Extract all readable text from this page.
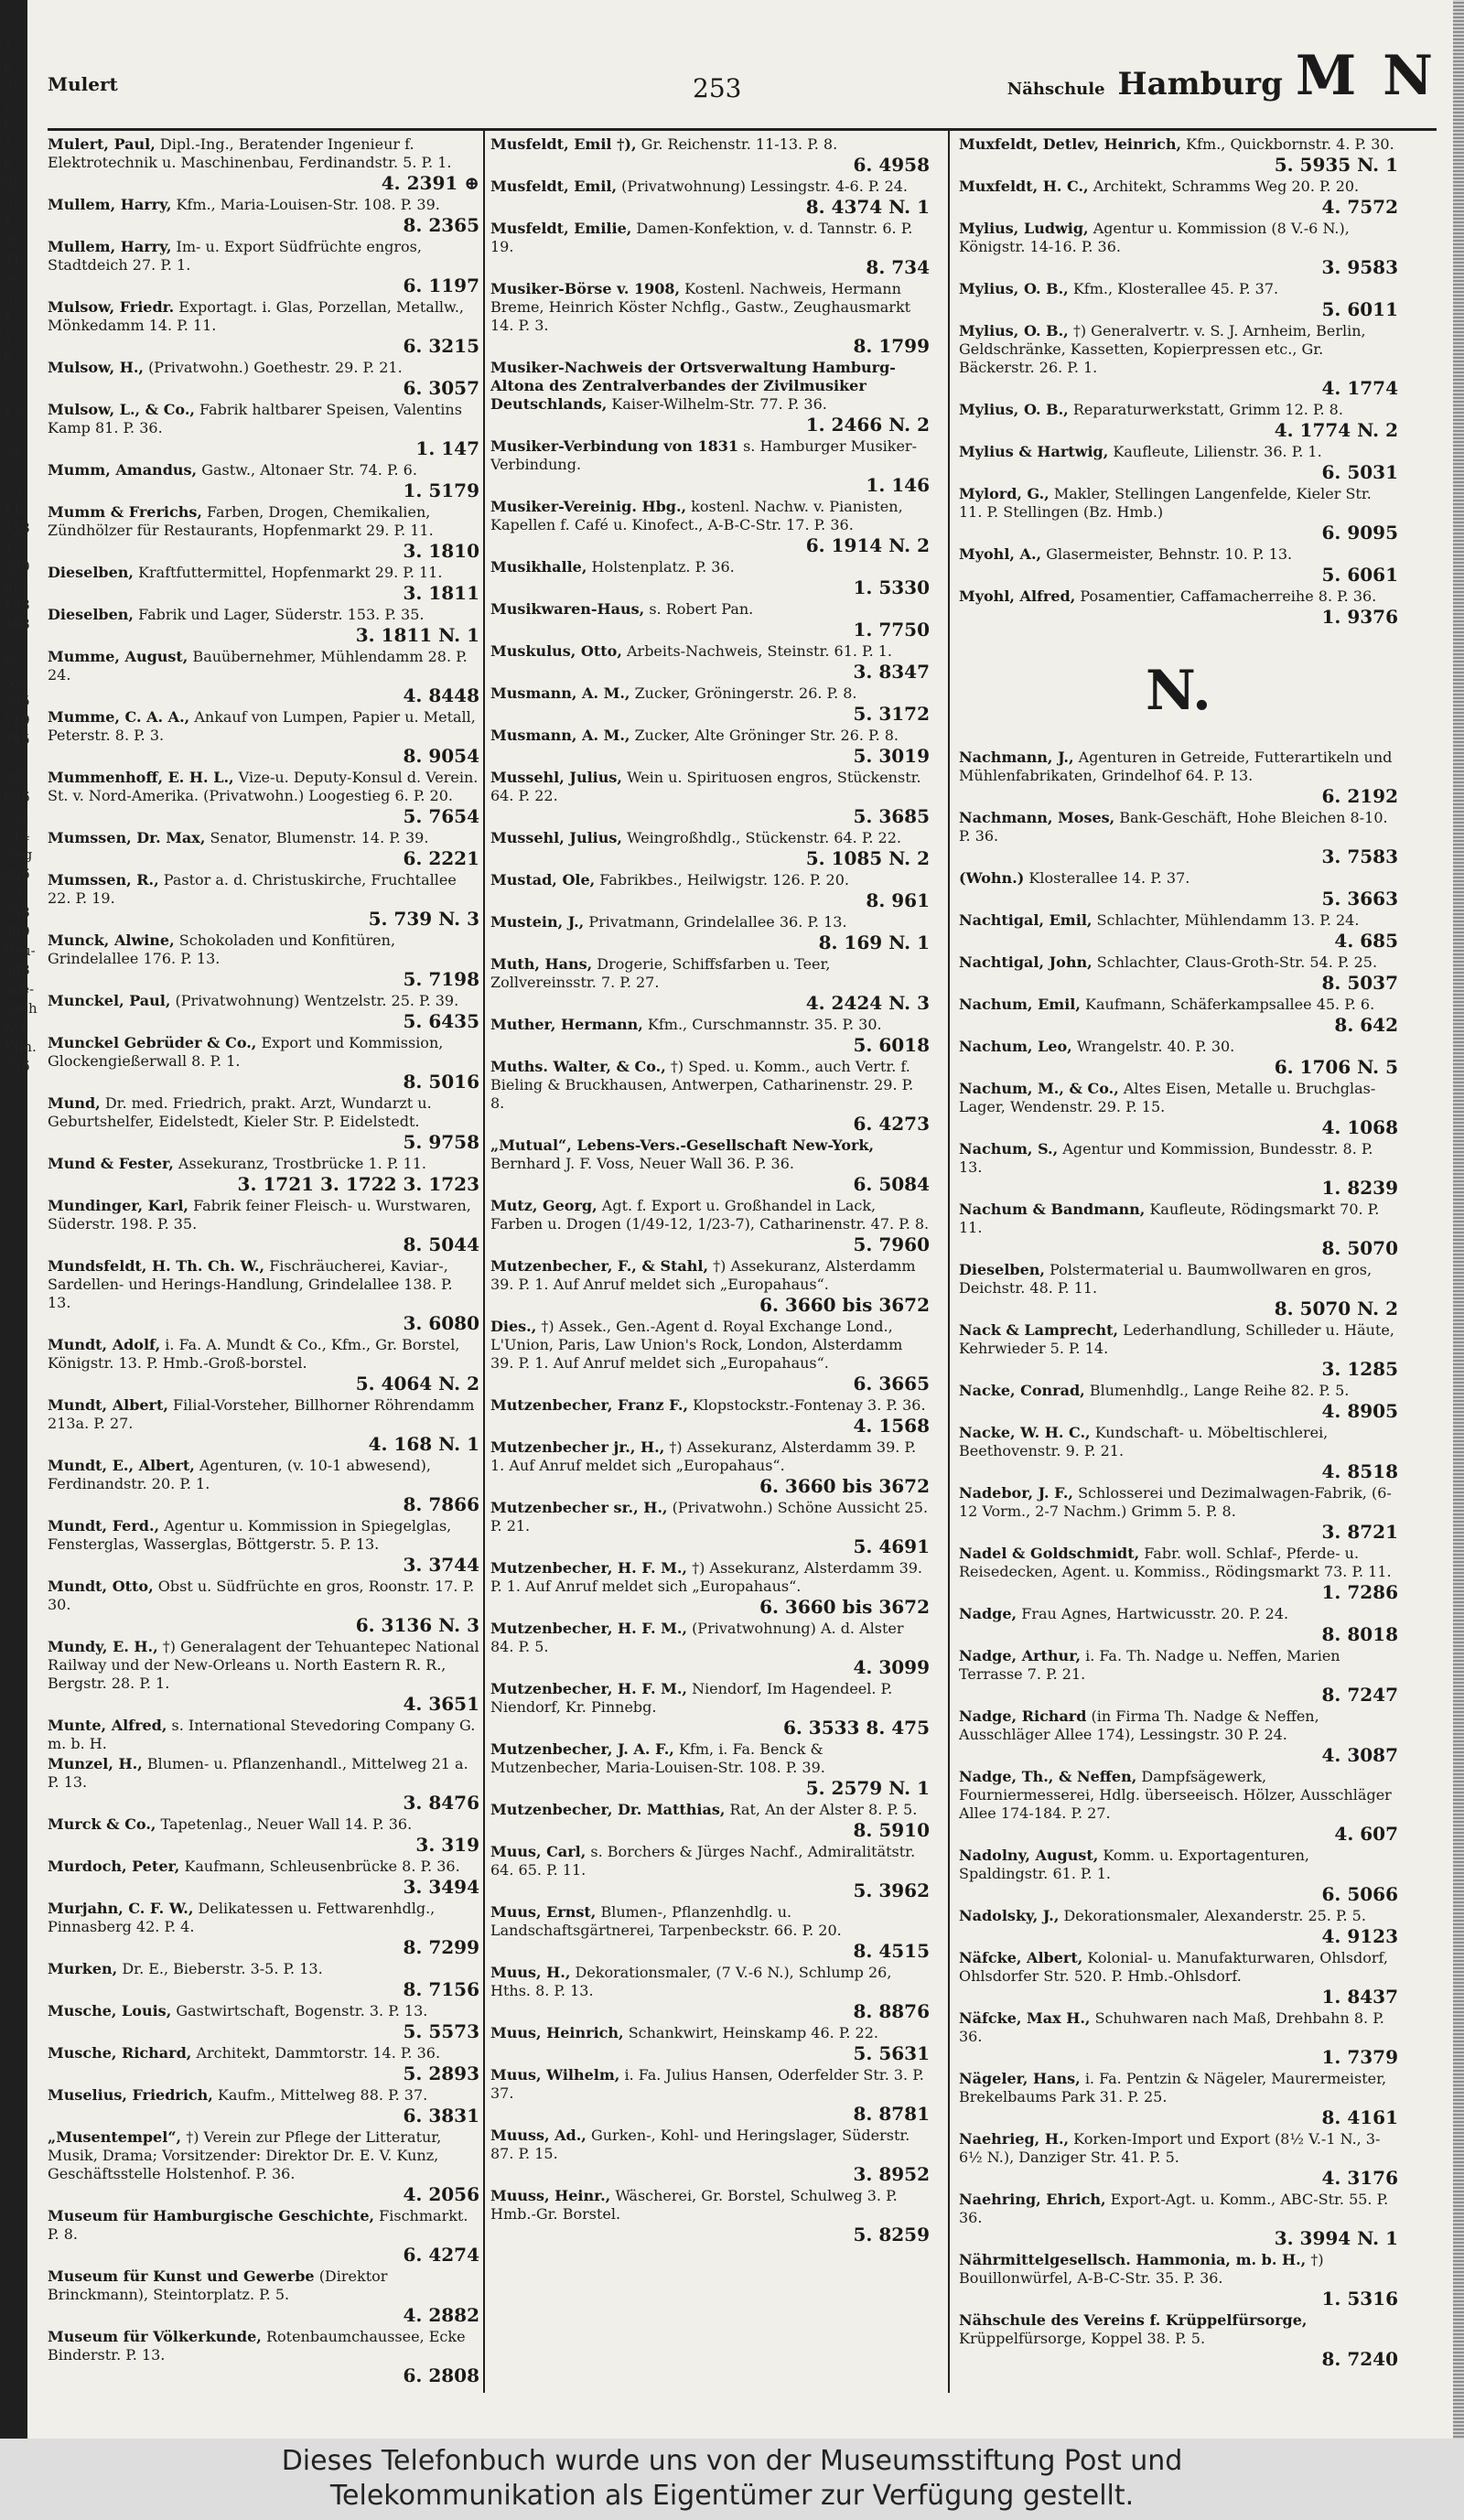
2
7
1
6
-6
1
t
1-
6
07
n
1
en
41
en
n
1
1-
6
2
. 3
1 r
v.
94
s
- 3
11
558
4.
290
hf.,
138
508
-
W.-
N.2
295
119
745
a
39
626
Co.
714
weg
806
! 3
958
089
Bau-
508
See-
nach
N.1
Kfm.
726
Mulert	253	Nähschule Hamburg M N
Mulert, Paul, Dipl.-Ing., Beratender Ingenieur f. Elektrotechnik u. Maschinenbau, Ferdinandstr. 5. P. 1.
4. 2391 ⊕
Mullem, Harry, Kfm., Maria-Louisen-Str. 108. P. 39.
8. 2365
Mullem, Harry, Im- u. Export Südfrüchte engros, Stadtdeich 27. P. 1.
6. 1197
Mulsow, Friedr. Exportagt. i. Glas, Porzellan, Metallw., Mönkedamm 14. P. 11.
6. 3215
Mulsow, H., (Privatwohn.) Goethestr. 29. P. 21.
6. 3057
Mulsow, L., & Co., Fabrik haltbarer Speisen, Valentins Kamp 81. P. 36.
1. 147
Mumm, Amandus, Gastw., Altonaer Str. 74. P. 6.
1. 5179
Mumm & Frerichs, Farben, Drogen, Chemikalien, Zündhölzer für Restaurants, Hopfenmarkt 29. P. 11.
3. 1810
Dieselben, Kraftfuttermittel, Hopfenmarkt 29. P. 11.
3. 1811
Dieselben, Fabrik und Lager, Süderstr. 153. P. 35.
3. 1811 N. 1
Mumme, August, Bauübernehmer, Mühlendamm 28. P. 24.
4. 8448
Mumme, C. A. A., Ankauf von Lumpen, Papier u. Metall, Peterstr. 8. P. 3.
8. 9054
Mummenhoff, E. H. L., Vize-u. Deputy-Konsul d. Verein. St. v. Nord-Amerika. (Privatwohn.) Loogestieg 6. P. 20.
5. 7654
Mumssen, Dr. Max, Senator, Blumenstr. 14. P. 39.
6. 2221
Mumssen, R., Pastor a. d. Christuskirche, Fruchtallee 22. P. 19.
5. 739 N. 3
Munck, Alwine, Schokoladen und Konfitüren, Grindelallee 176. P. 13.
5. 7198
Munckel, Paul, (Privatwohnung) Wentzelstr. 25. P. 39.
5. 6435
Munckel Gebrüder & Co., Export und Kommission, Glockengießerwall 8. P. 1.
8. 5016
Mund, Dr. med. Friedrich, prakt. Arzt, Wundarzt u. Geburtshelfer, Eidelstedt, Kieler Str. P. Eidelstedt.
5. 9758
Mund & Fester, Assekuranz, Trostbrücke 1. P. 11.
3. 1721 3. 1722 3. 1723
Mundinger, Karl, Fabrik feiner Fleisch- u. Wurstwaren, Süderstr. 198. P. 35.
8. 5044
Mundsfeldt, H. Th. Ch. W., Fischräucherei, Kaviar-, Sardellen- und Herings-Handlung, Grindelallee 138. P. 13.
3. 6080
Mundt, Adolf, i. Fa. A. Mundt & Co., Kfm., Gr. Borstel, Königstr. 13. P. Hmb.-Groß-borstel.
5. 4064 N. 2
Mundt, Albert, Filial-Vorsteher, Billhorner Röhrendamm 213a. P. 27.
4. 168 N. 1
Mundt, E., Albert, Agenturen, (v. 10-1 abwesend), Ferdinandstr. 20. P. 1.
8. 7866
Mundt, Ferd., Agentur u. Kommission in Spiegelglas, Fensterglas, Wasserglas, Böttgerstr. 5. P. 13.
3. 3744
Mundt, Otto, Obst u. Südfrüchte en gros, Roonstr. 17. P. 30.
6. 3136 N. 3
Mundy, E. H., †) Generalagent der Tehuantepec National Railway und der New-Orleans u. North Eastern R. R., Bergstr. 28. P. 1.
4. 3651
Munte, Alfred, s. International Stevedoring Company G. m. b. H.
Munzel, H., Blumen- u. Pflanzenhandl., Mittelweg 21 a. P. 13.
3. 8476
Murck & Co., Tapetenlag., Neuer Wall 14. P. 36.
3. 319
Murdoch, Peter, Kaufmann, Schleusenbrücke 8. P. 36.
3. 3494
Murjahn, C. F. W., Delikatessen u. Fettwarenhdlg., Pinnasberg 42. P. 4.
8. 7299
Murken, Dr. E., Bieberstr. 3-5. P. 13.
8. 7156
Musche, Louis, Gastwirtschaft, Bogenstr. 3. P. 13.
5. 5573
Musche, Richard, Architekt, Dammtorstr. 14. P. 36.
5. 2893
Muselius, Friedrich, Kaufm., Mittelweg 88. P. 37.
6. 3831
„Musentempel“, †) Verein zur Pflege der Litteratur, Musik, Drama; Vorsitzender: Direktor Dr. E. V. Kunz, Geschäftsstelle Holstenhof. P. 36.
4. 2056
Museum für Hamburgische Geschichte, Fischmarkt. P. 8.
6. 4274
Museum für Kunst und Gewerbe (Direktor Brinckmann), Steintorplatz. P. 5.
4. 2882
Museum für Völkerkunde, Rotenbaumchaussee, Ecke Binderstr. P. 13.
6. 2808
Musfeldt, Emil †), Gr. Reichenstr. 11-13. P. 8.
6. 4958
Musfeldt, Emil, (Privatwohnung) Lessingstr. 4-6. P. 24.
8. 4374 N. 1
Musfeldt, Emilie, Damen-Konfektion, v. d. Tannstr. 6. P. 19.
8. 734
Musiker-Börse v. 1908, Kostenl. Nachweis, Hermann Breme, Heinrich Köster Nchflg., Gastw., Zeughausmarkt 14. P. 3.
8. 1799
Musiker-Nachweis der Ortsverwaltung Hamburg-Altona des Zentralverbandes der Zivilmusiker Deutschlands, Kaiser-Wilhelm-Str. 77. P. 36.
1. 2466 N. 2
Musiker-Verbindung von 1831 s. Hamburger Musiker-Verbindung.
1. 146
Musiker-Vereinig. Hbg., kostenl. Nachw. v. Pianisten, Kapellen f. Café u. Kinofect., A-B-C-Str. 17. P. 36.
6. 1914 N. 2
Musikhalle, Holstenplatz. P. 36.
1. 5330
Musikwaren-Haus, s. Robert Pan.
1. 7750
Muskulus, Otto, Arbeits-Nachweis, Steinstr. 61. P. 1.
3. 8347
Musmann, A. M., Zucker, Gröningerstr. 26. P. 8.
5. 3172
Musmann, A. M., Zucker, Alte Gröninger Str. 26. P. 8.
5. 3019
Mussehl, Julius, Wein u. Spirituosen engros, Stückenstr. 64. P. 22.
5. 3685
Mussehl, Julius, Weingroßhdlg., Stückenstr. 64. P. 22.
5. 1085 N. 2
Mustad, Ole, Fabrikbes., Heilwigstr. 126. P. 20.
8. 961
Mustein, J., Privatmann, Grindelallee 36. P. 13.
8. 169 N. 1
Muth, Hans, Drogerie, Schiffsfarben u. Teer, Zollvereinsstr. 7. P. 27.
4. 2424 N. 3
Muther, Hermann, Kfm., Curschmannstr. 35. P. 30.
5. 6018
Muths. Walter, & Co., †) Sped. u. Komm., auch Vertr. f. Bieling & Bruckhausen, Antwerpen, Catharinenstr. 29. P. 8.
6. 4273
„Mutual“, Lebens-Vers.-Gesellschaft New-York, Bernhard J. F. Voss, Neuer Wall 36. P. 36.
6. 5084
Mutz, Georg, Agt. f. Export u. Großhandel in Lack, Farben u. Drogen (1/49-12, 1/23-7), Catharinenstr. 47. P. 8.
5. 7960
Mutzenbecher, F., & Stahl, †) Assekuranz, Alsterdamm 39. P. 1. Auf Anruf meldet sich „Europahaus“.
6. 3660 bis 3672
Dies., †) Assek., Gen.-Agent d. Royal Exchange Lond., L'Union, Paris, Law Union's Rock, London, Alsterdamm 39. P. 1. Auf Anruf meldet sich „Europahaus“.
6. 3665
Mutzenbecher, Franz F., Klopstockstr.-Fontenay 3. P. 36.
4. 1568
Mutzenbecher jr., H., †) Assekuranz, Alsterdamm 39. P. 1. Auf Anruf meldet sich „Europahaus“.
6. 3660 bis 3672
Mutzenbecher sr., H., (Privatwohn.) Schöne Aussicht 25. P. 21.
5. 4691
Mutzenbecher, H. F. M., †) Assekuranz, Alsterdamm 39. P. 1. Auf Anruf meldet sich „Europahaus“.
6. 3660 bis 3672
Mutzenbecher, H. F. M., (Privatwohnung) A. d. Alster 84. P. 5.
4. 3099
Mutzenbecher, H. F. M., Niendorf, Im Hagendeel. P. Niendorf, Kr. Pinnebg.
6. 3533 8. 475
Mutzenbecher, J. A. F., Kfm, i. Fa. Benck & Mutzenbecher, Maria-Louisen-Str. 108. P. 39.
5. 2579 N. 1
Mutzenbecher, Dr. Matthias, Rat, An der Alster 8. P. 5.
8. 5910
Muus, Carl, s. Borchers & Jürges Nachf., Admiralitätstr. 64. 65. P. 11.
5. 3962
Muus, Ernst, Blumen-, Pflanzenhdlg. u. Landschaftsgärtnerei, Tarpenbeckstr. 66. P. 20.
8. 4515
Muus, H., Dekorationsmaler, (7 V.-6 N.), Schlump 26, Hths. 8. P. 13.
8. 8876
Muus, Heinrich, Schankwirt, Heinskamp 46. P. 22.
5. 5631
Muus, Wilhelm, i. Fa. Julius Hansen, Oderfelder Str. 3. P. 37.
8. 8781
Muuss, Ad., Gurken-, Kohl- und Heringslager, Süderstr. 87. P. 15.
3. 8952
Muuss, Heinr., Wäscherei, Gr. Borstel, Schulweg 3. P. Hmb.-Gr. Borstel.
5. 8259
Muxfeldt, Detlev, Heinrich, Kfm., Quickbornstr. 4. P. 30.
5. 5935 N. 1
Muxfeldt, H. C., Architekt, Schramms Weg 20. P. 20.
4. 7572
Mylius, Ludwig, Agentur u. Kommission (8 V.-6 N.), Königstr. 14-16. P. 36.
3. 9583
Mylius, O. B., Kfm., Klosterallee 45. P. 37.
5. 6011
Mylius, O. B., †) Generalvertr. v. S. J. Arnheim, Berlin, Geldschränke, Kassetten, Kopierpressen etc., Gr. Bäckerstr. 26. P. 1.
4. 1774
Mylius, O. B., Reparaturwerkstatt, Grimm 12. P. 8.
4. 1774 N. 2
Mylius & Hartwig, Kaufleute, Lilienstr. 36. P. 1.
6. 5031
Mylord, G., Makler, Stellingen Langenfelde, Kieler Str. 11. P. Stellingen (Bz. Hmb.)
6. 9095
Myohl, A., Glasermeister, Behnstr. 10. P. 13.
5. 6061
Myohl, Alfred, Posamentier, Caffamacherreihe 8. P. 36.
1. 9376
N.
Nachmann, J., Agenturen in Getreide, Futterartikeln und Mühlenfabrikaten, Grindelhof 64. P. 13.
6. 2192
Nachmann, Moses, Bank-Geschäft, Hohe Bleichen 8-10. P. 36.
3. 7583
(Wohn.) Klosterallee 14. P. 37.
5. 3663
Nachtigal, Emil, Schlachter, Mühlendamm 13. P. 24.
4. 685
Nachtigal, John, Schlachter, Claus-Groth-Str. 54. P. 25.
8. 5037
Nachum, Emil, Kaufmann, Schäferkampsallee 45. P. 6.
8. 642
Nachum, Leo, Wrangelstr. 40. P. 30.
6. 1706 N. 5
Nachum, M., & Co., Altes Eisen, Metalle u. Bruchglas-Lager, Wendenstr. 29. P. 15.
4. 1068
Nachum, S., Agentur und Kommission, Bundesstr. 8. P. 13.
1. 8239
Nachum & Bandmann, Kaufleute, Rödingsmarkt 70. P. 11.
8. 5070
Dieselben, Polstermaterial u. Baumwollwaren en gros, Deichstr. 48. P. 11.
8. 5070 N. 2
Nack & Lamprecht, Lederhandlung, Schilleder u. Häute, Kehrwieder 5. P. 14.
3. 1285
Nacke, Conrad, Blumenhdlg., Lange Reihe 82. P. 5.
4. 8905
Nacke, W. H. C., Kundschaft- u. Möbeltischlerei, Beethovenstr. 9. P. 21.
4. 8518
Nadebor, J. F., Schlosserei und Dezimalwagen-Fabrik, (6-12 Vorm., 2-7 Nachm.) Grimm 5. P. 8.
3. 8721
Nadel & Goldschmidt, Fabr. woll. Schlaf-, Pferde- u. Reisedecken, Agent. u. Kommiss., Rödingsmarkt 73. P. 11.
1. 7286
Nadge, Frau Agnes, Hartwicusstr. 20. P. 24.
8. 8018
Nadge, Arthur, i. Fa. Th. Nadge u. Neffen, Marien Terrasse 7. P. 21.
8. 7247
Nadge, Richard (in Firma Th. Nadge & Neffen, Ausschläger Allee 174), Lessingstr. 30 P. 24.
4. 3087
Nadge, Th., & Neffen, Dampfsägewerk, Fourniermesserei, Hdlg. überseeisch. Hölzer, Ausschläger Allee 174-184. P. 27.
4. 607
Nadolny, August, Komm. u. Exportagenturen, Spaldingstr. 61. P. 1.
6. 5066
Nadolsky, J., Dekorationsmaler, Alexanderstr. 25. P. 5.
4. 9123
Näfcke, Albert, Kolonial- u. Manufakturwaren, Ohlsdorf, Ohlsdorfer Str. 520. P. Hmb.-Ohlsdorf.
1. 8437
Näfcke, Max H., Schuhwaren nach Maß, Drehbahn 8. P. 36.
1. 7379
Nägeler, Hans, i. Fa. Pentzin & Nägeler, Maurermeister, Brekelbaums Park 31. P. 25.
8. 4161
Naehrieg, H., Korken-Import und Export (8½ V.-1 N., 3-6½ N.), Danziger Str. 41. P. 5.
4. 3176
Naehring, Ehrich, Export-Agt. u. Komm., ABC-Str. 55. P. 36.
3. 3994 N. 1
Nährmittelgesellsch. Hammonia, m. b. H., †) Bouillonwürfel, A-B-C-Str. 35. P. 36.
1. 5316
Nähschule des Vereins f. Krüppelfürsorge, Krüppelfürsorge, Koppel 38. P. 5.
8. 7240
Dieses Telefonbuch wurde uns von der Museumsstiftung Post und
Telekommunikation als Eigentümer zur Verfügung gestellt.
